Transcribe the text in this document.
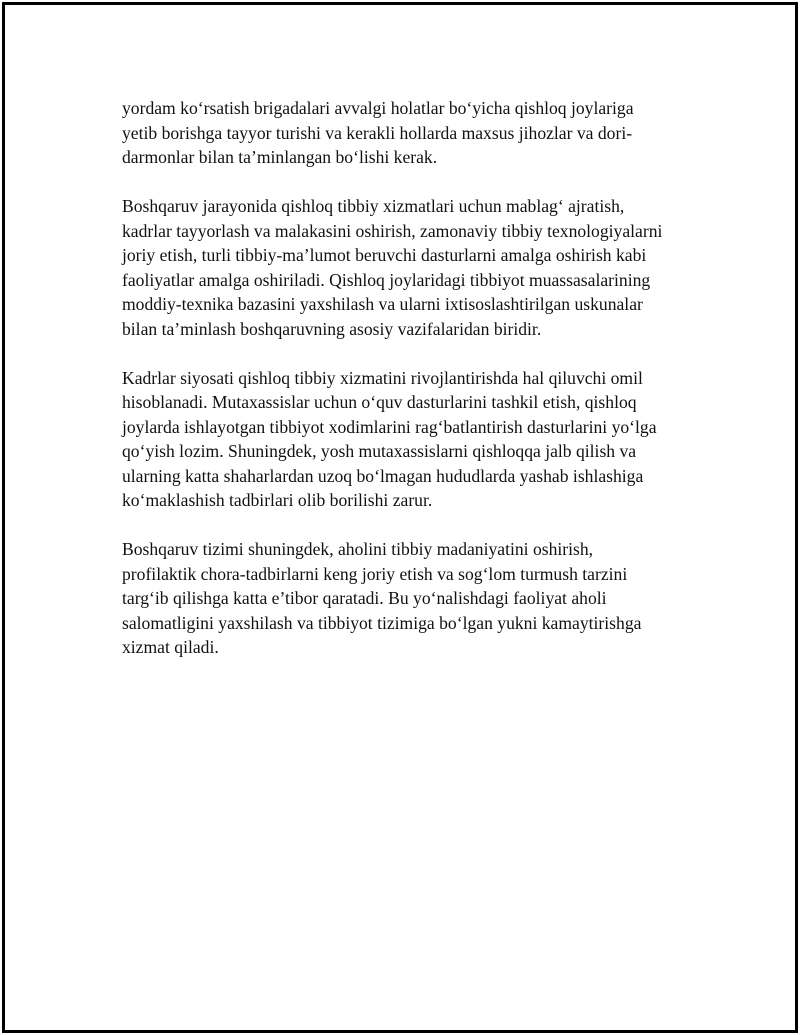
yordam ko‘rsatish brigadalari avvalgi holatlar bo‘yicha qishloq joylariga
yetib borishga tayyor turishi va kerakli hollarda maxsus jihozlar va dori-
darmonlar bilan ta’minlangan bo‘lishi kerak.

Boshqaruv jarayonida qishloq tibbiy xizmatlari uchun mablag‘ ajratish,
kadrlar tayyorlash va malakasini oshirish, zamonaviy tibbiy texnologiyalarni
joriy etish, turli tibbiy-ma’lumot beruvchi dasturlarni amalga oshirish kabi
faoliyatlar amalga oshiriladi. Qishloq joylaridagi tibbiyot muassasalarining
moddiy-texnika bazasini yaxshilash va ularni ixtisoslashtirilgan uskunalar
bilan ta’minlash boshqaruvning asosiy vazifalaridan biridir.

Kadrlar siyosati qishloq tibbiy xizmatini rivojlantirishda hal qiluvchi omil
hisoblanadi. Mutaxassislar uchun o‘quv dasturlarini tashkil etish, qishloq
joylarda ishlayotgan tibbiyot xodimlarini rag‘batlantirish dasturlarini yo‘lga
qo‘yish lozim. Shuningdek, yosh mutaxassislarni qishloqqa jalb qilish va
ularning katta shaharlardan uzoq bo‘lmagan hududlarda yashab ishlashiga
ko‘maklashish tadbirlari olib borilishi zarur.

Boshqaruv tizimi shuningdek, aholini tibbiy madaniyatini oshirish,
profilaktik chora-tadbirlarni keng joriy etish va sog‘lom turmush tarzini
targ‘ib qilishga katta e’tibor qaratadi. Bu yo‘nalishdagi faoliyat aholi
salomatligini yaxshilash va tibbiyot tizimiga bo‘lgan yukni kamaytirishga
xizmat qiladi.
